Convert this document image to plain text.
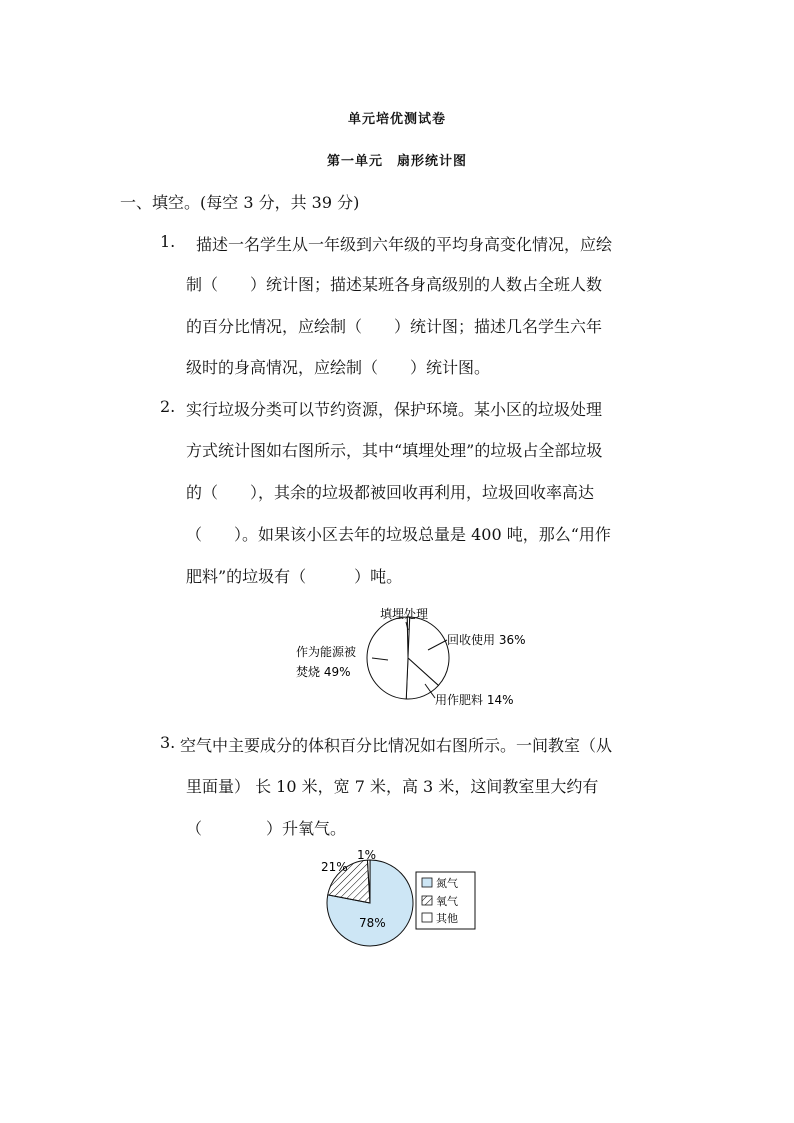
单元培优测试卷
第一单元　扇形统计图
一、填空。(每空 3 分，共 39 分)
1. 描述一名学生从一年级到六年级的平均身高变化情况，应绘
制（　　）统计图；描述某班各身高级别的人数占全班人数
的百分比情况，应绘制（　　）统计图；描述几名学生六年
级时的身高情况，应绘制（　　）统计图。
2. 实行垃圾分类可以节约资源，保护环境。某小区的垃圾处理
方式统计图如右图所示，其中“填埋处理”的垃圾占全部垃圾
的（　　），其余的垃圾都被回收再利用，垃圾回收率高达
（　　）。如果该小区去年的垃圾总量是 400 吨，那么“用作
肥料”的垃圾有（　　　）吨。
填埋处理
回收使用 36%
用作肥料 14%
作为能源被
焚烧 49%
3. 空气中主要成分的体积百分比情况如右图所示。一间教室（从
里面量） 长 10 米，宽 7 米，高 3 米，这间教室里大约有
（　　　　）升氧气。
21%
1%
78%
氮气
氧气
其他
